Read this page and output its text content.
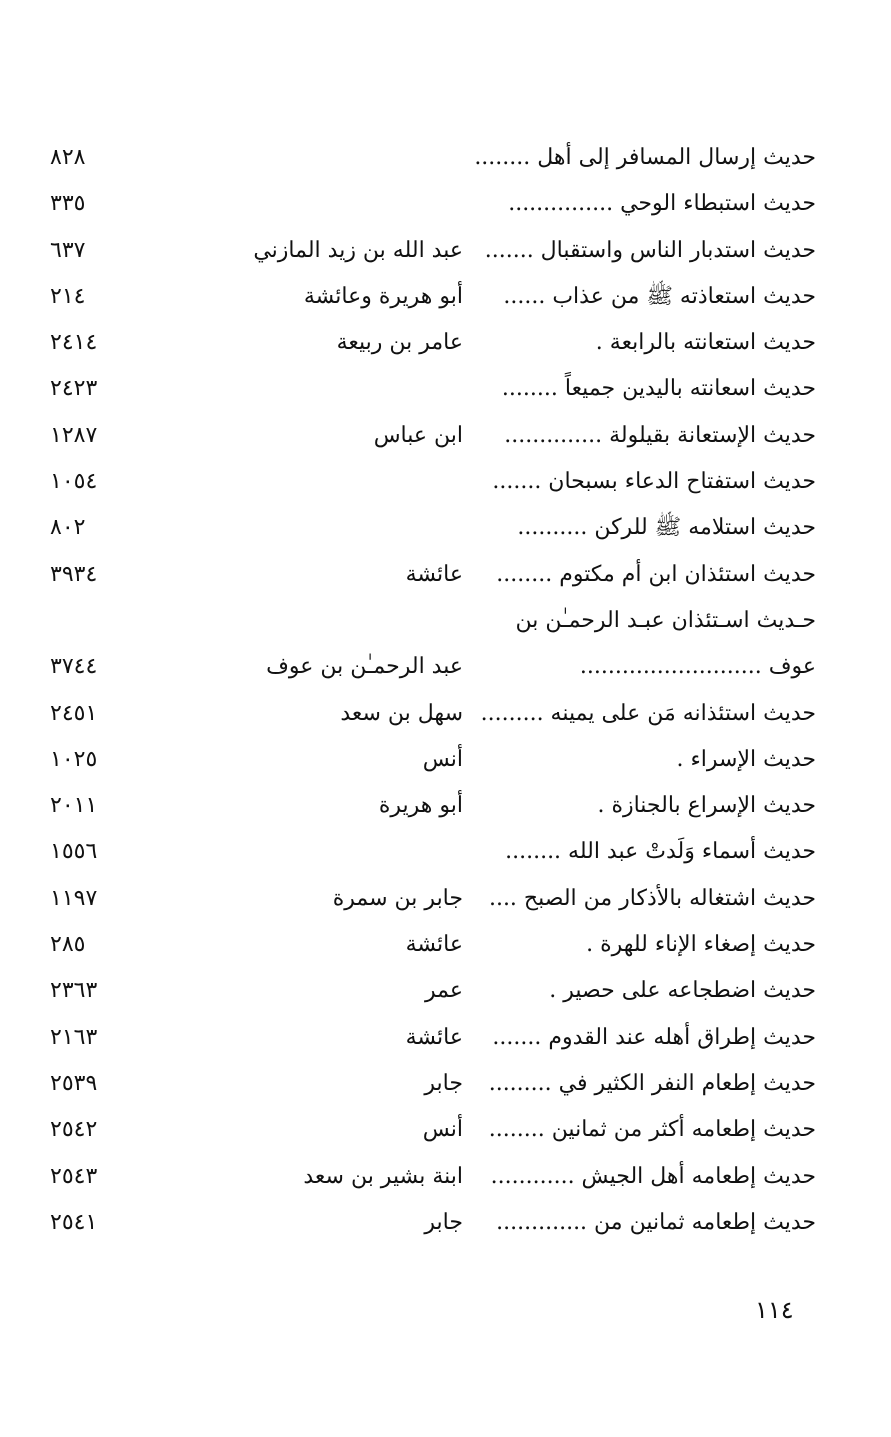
حديث إرسال المسافر إلى أهل ........
٨٢٨
حديث استبطاء الوحي ...............
٣٣٥
حديث استدبار الناس واستقبال .......
عبد الله بن زيد المازني
٦٣٧
حديث استعاذته ﷺ من عذاب ......
أبو هريرة وعائشة
٢١٤
حديث استعانته بالرابعة .
عامر بن ربيعة
٢٤١٤
حديث اسعانته باليدين جميعاً ........
٢٤٢٣
حديث الإستعانة بقيلولة ..............
ابن عباس
١٢٨٧
حديث استفتاح الدعاء بسبحان .......
١٠٥٤
حديث استلامه ﷺ للركن ..........
٨٠٢
حديث استئذان ابن أم مكتوم ........
عائشة
٣٩٣٤
حـديث اسـتئذان عبـد الرحمـٰن بن
عوف ..........................
عبد الرحمـٰن بن عوف
٣٧٤٤
حديث استئذانه مَن على يمينه .........
سهل بن سعد
٢٤٥١
حديث الإسراء .
أنس
١٠٢٥
حديث الإسراع بالجنازة .
أبو هريرة
٢٠١١
حديث أسماء وَلَدتْ عبد الله ........
١٥٥٦
حديث اشتغاله بالأذكار من الصبح ....
جابر بن سمرة
١١٩٧
حديث إصغاء الإناء للهرة .
عائشة
٢٨٥
حديث اضطجاعه على حصير .
عمر
٢٣٦٣
حديث إطراق أهله عند القدوم .......
عائشة
٢١٦٣
حديث إطعام النفر الكثير في .........
جابر
٢٥٣٩
حديث إطعامه أكثر من ثمانين ........
أنس
٢٥٤٢
حديث إطعامه أهل الجيش ............
ابنة بشير بن سعد
٢٥٤٣
حديث إطعامه ثمانين من .............
جابر
٢٥٤١
١١٤
